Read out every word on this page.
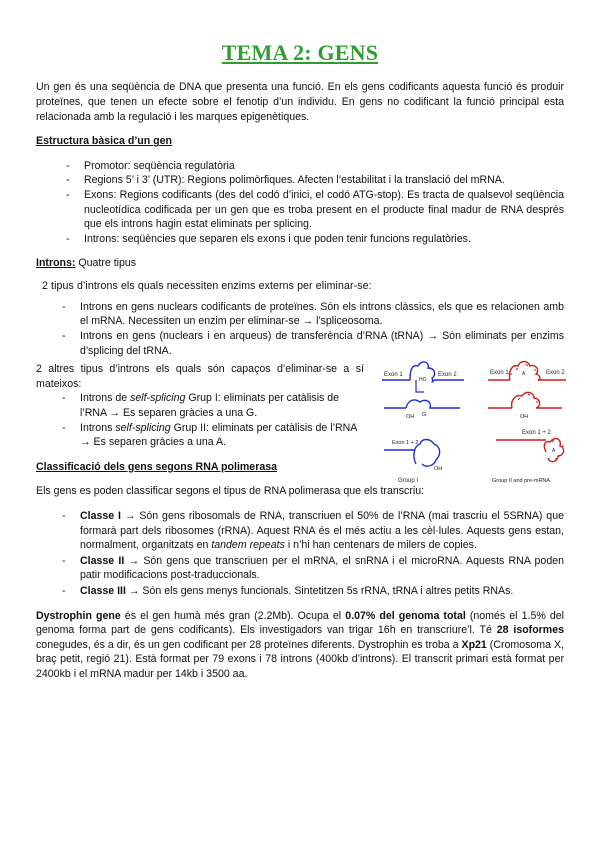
TEMA 2: GENS

Un gen és una seqüència de DNA que presenta una funció. En els gens codificants aquesta funció és produir proteïnes, que tenen un efecte sobre el fenotip d’un individu. En gens no codificant la funció principal esta relacionada amb la regulació i les marques epigenètiques.

Estructura bàsica d’un gen
- Promotor: seqüència regulatòria
- Regions 5’ i 3’ (UTR): Regions polimòrfiques. Afecten l’estabilitat i la translació del mRNA.
- Exons: Regions codificants (des del codó d’inici, el codó ATG-stop). Es tracta de qualsevol seqüència nucleotídica codificada per un gen que es troba present en el producte final madur de RNA després que els introns hagin estat eliminats per splicing.
- Introns: seqüències que separen els exons i que poden tenir funcions regulatòries.

Introns: Quatre tipus

2 tipus d’introns els quals necessiten enzims externs per eliminar-se:

- Introns en gens nuclears codificants de proteïnes. Són els introns clàssics, els que es relacionen amb el mRNA. Necessiten un enzim per eliminar-se → l’spliceosoma.
- Introns en gens (nuclears i en arqueus) de transferència d’RNA (tRNA) → Són eliminats per enzims d’splicing del tRNA.

2 altres tipus d’introns els quals són capaços d’eliminar-se a sí mateixos:

- Introns de self-splicing Grup I: eliminats per catàlisis de l’RNA → Es separen gràcies a una G.
- Introns self-splicing Grup II: eliminats per catàlisis de l’RNA → Es separen gràcies a una A.
Exon 1	Exon 2
HO
OH G
Exon 1 + 2
OH
Group I
Exon 1	Exon 2
A
OH
Exon 1 + 2
A
Group II and pre-mRNA
Classificació dels gens segons RNA polimerasa

Els gens es poden classificar segons el tipus de RNA polimerasa que els transcriu:

- Classe I → Són gens ribosomals de RNA, transcriuen el 50% de l’RNA (mai trascriu el 5SRNA) que formarà part dels ribosomes (rRNA). Aquest RNA és el més actiu a les cèl·lules. Aquests gens estan, normalment, organitzats en tandem repeats i n’hi han centenars de milers de copies.
- Classe II → Són gens que transcriuen per el mRNA, el snRNA i el microRNA. Aquests RNA poden patir modificacions post-traduccionals.
- Classe III → Són els gens menys funcionals. Sintetitzen 5s rRNA, tRNA i altres petits RNAs.

Dystrophin gene és el gen humà més gran (2.2Mb). Ocupa el 0.07% del genoma total (només el 1.5% del genoma forma part de gens codificants). Els investigadors van trigar 16h en transcriure’l. Té 28 isoformes conegudes, és a dir, és un gen codificant per 28 proteïnes diferents. Dystrophin es troba a Xp21 (Cromosoma X, braç petit, regió 21). Està format per 79 exons i 78 introns (400kb d’introns). El transcrit primari està format per 2400kb i el mRNA madur per 14kb i 3500 aa.
